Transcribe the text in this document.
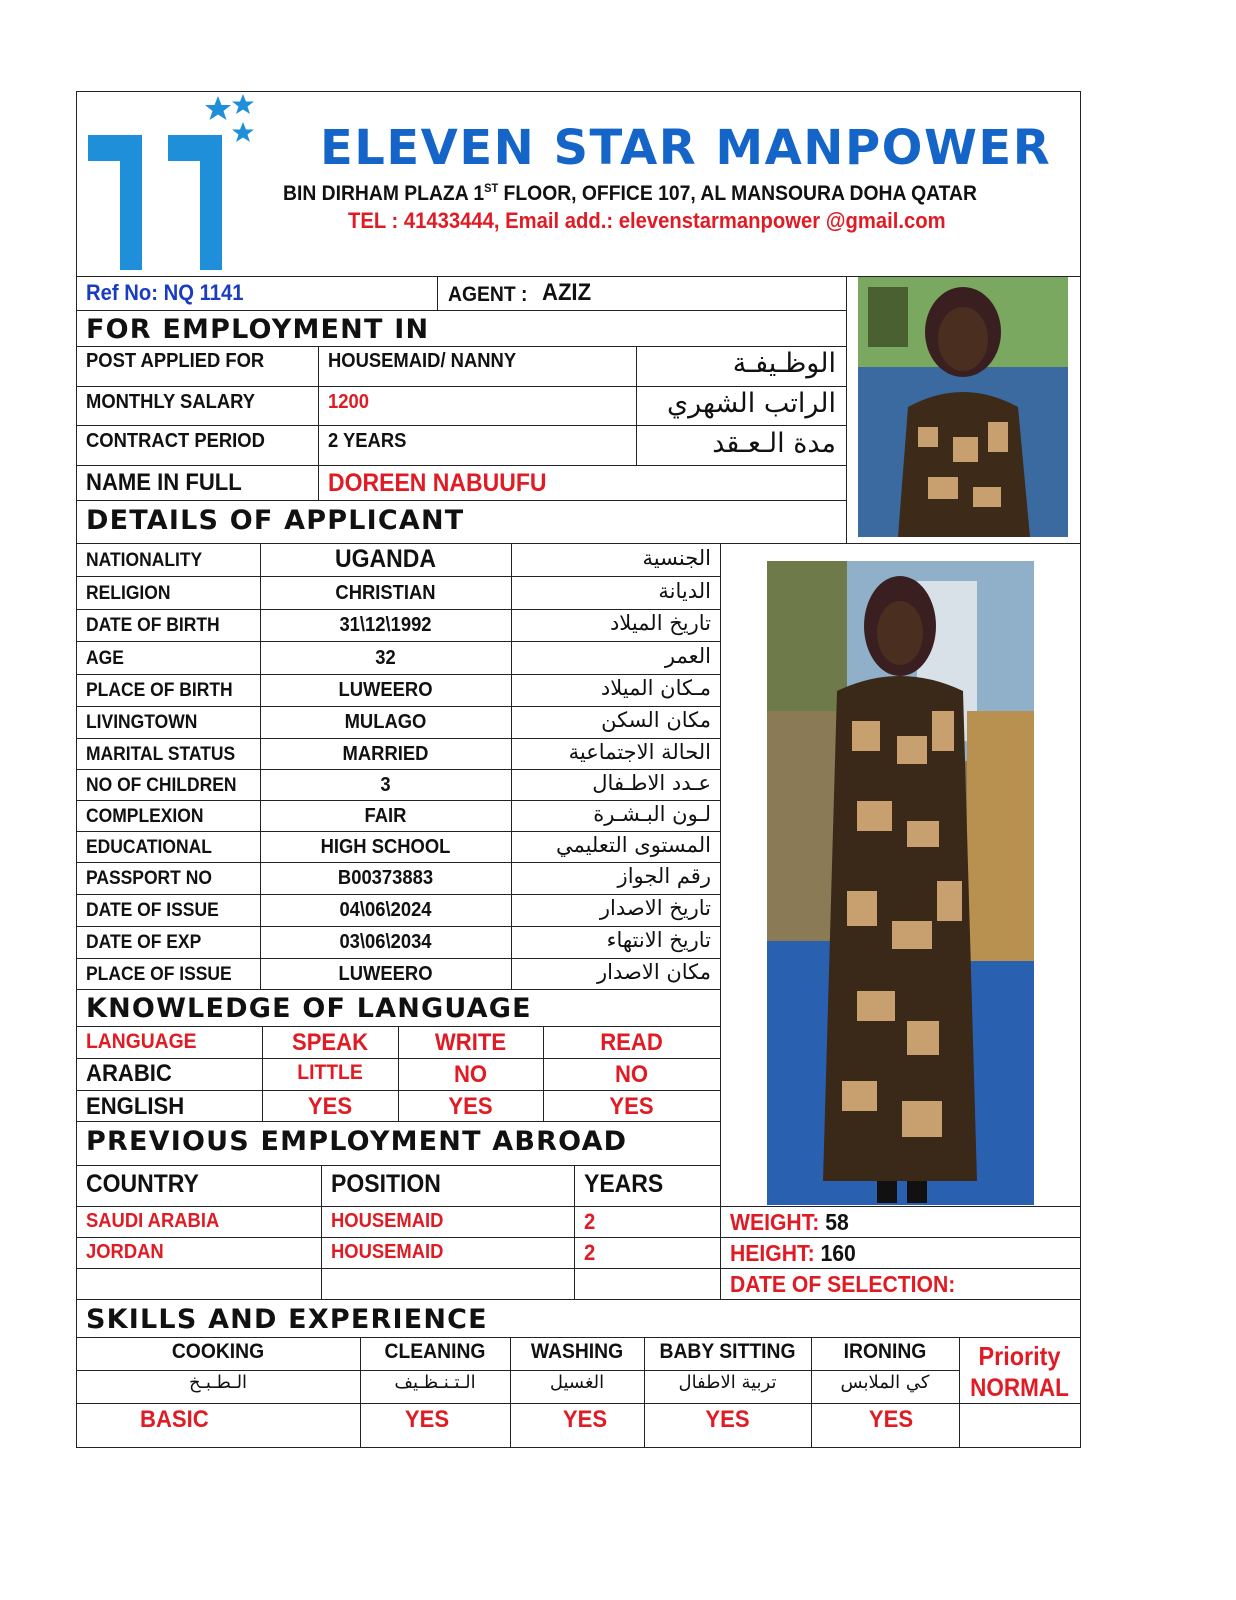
ELEVEN STAR MANPOWER
BIN DIRHAM PLAZA 1ST FLOOR, OFFICE 107, AL MANSOURA DOHA QATAR
TEL : 41433444, Email add.: elevenstarmanpower @gmail.com
Ref No: NQ 1141	AGENT : AZIZ
FOR EMPLOYMENT IN
POST APPLIED FOR	HOUSEMAID/ NANNY	الوظـيفـة
MONTHLY SALARY	1200	الراتب الشهري
CONTRACT PERIOD	2 YEARS	مدة الـعـقد
NAME IN FULL	DOREEN NABUUFU
DETAILS OF APPLICANT
NATIONALITY	UGANDA	الجنسية
RELIGION	CHRISTIAN	الديانة
DATE OF BIRTH	31\12\1992	تاريخ الميلاد
AGE	32	العمر
PLACE OF BIRTH	LUWEERO	مـكان الميلاد
LIVINGTOWN	MULAGO	مكان السكن
MARITAL STATUS	MARRIED	الحالة الاجتماعية
NO OF CHILDREN	3	عـدد الاطـفال
COMPLEXION	FAIR	لـون البـشـرة
EDUCATIONAL	HIGH SCHOOL	المستوى التعليمي
PASSPORT NO	B00373883	رقم الجواز
DATE OF ISSUE	04\06\2024	تاريخ الاصدار
DATE OF EXP	03\06\2034	تاريخ الانتهاء
PLACE OF ISSUE	LUWEERO	مكان الاصدار
KNOWLEDGE OF LANGUAGE
LANGUAGE	SPEAK	WRITE	READ
ARABIC	LITTLE	NO	NO
ENGLISH	YES	YES	YES
PREVIOUS EMPLOYMENT ABROAD
COUNTRY	POSITION	YEARS
SAUDI ARABIA	HOUSEMAID	2
JORDAN	HOUSEMAID	2
WEIGHT: 58
HEIGHT: 160
DATE OF SELECTION:
SKILLS AND EXPERIENCE
COOKING	CLEANING	WASHING	BABY SITTING	IRONING
الـطـبـخ	الـتـنـظـيف	الغسيل	تربية الاطفال	كي الملابس
BASIC	YES	YES	YES	YES
Priority
NORMAL
